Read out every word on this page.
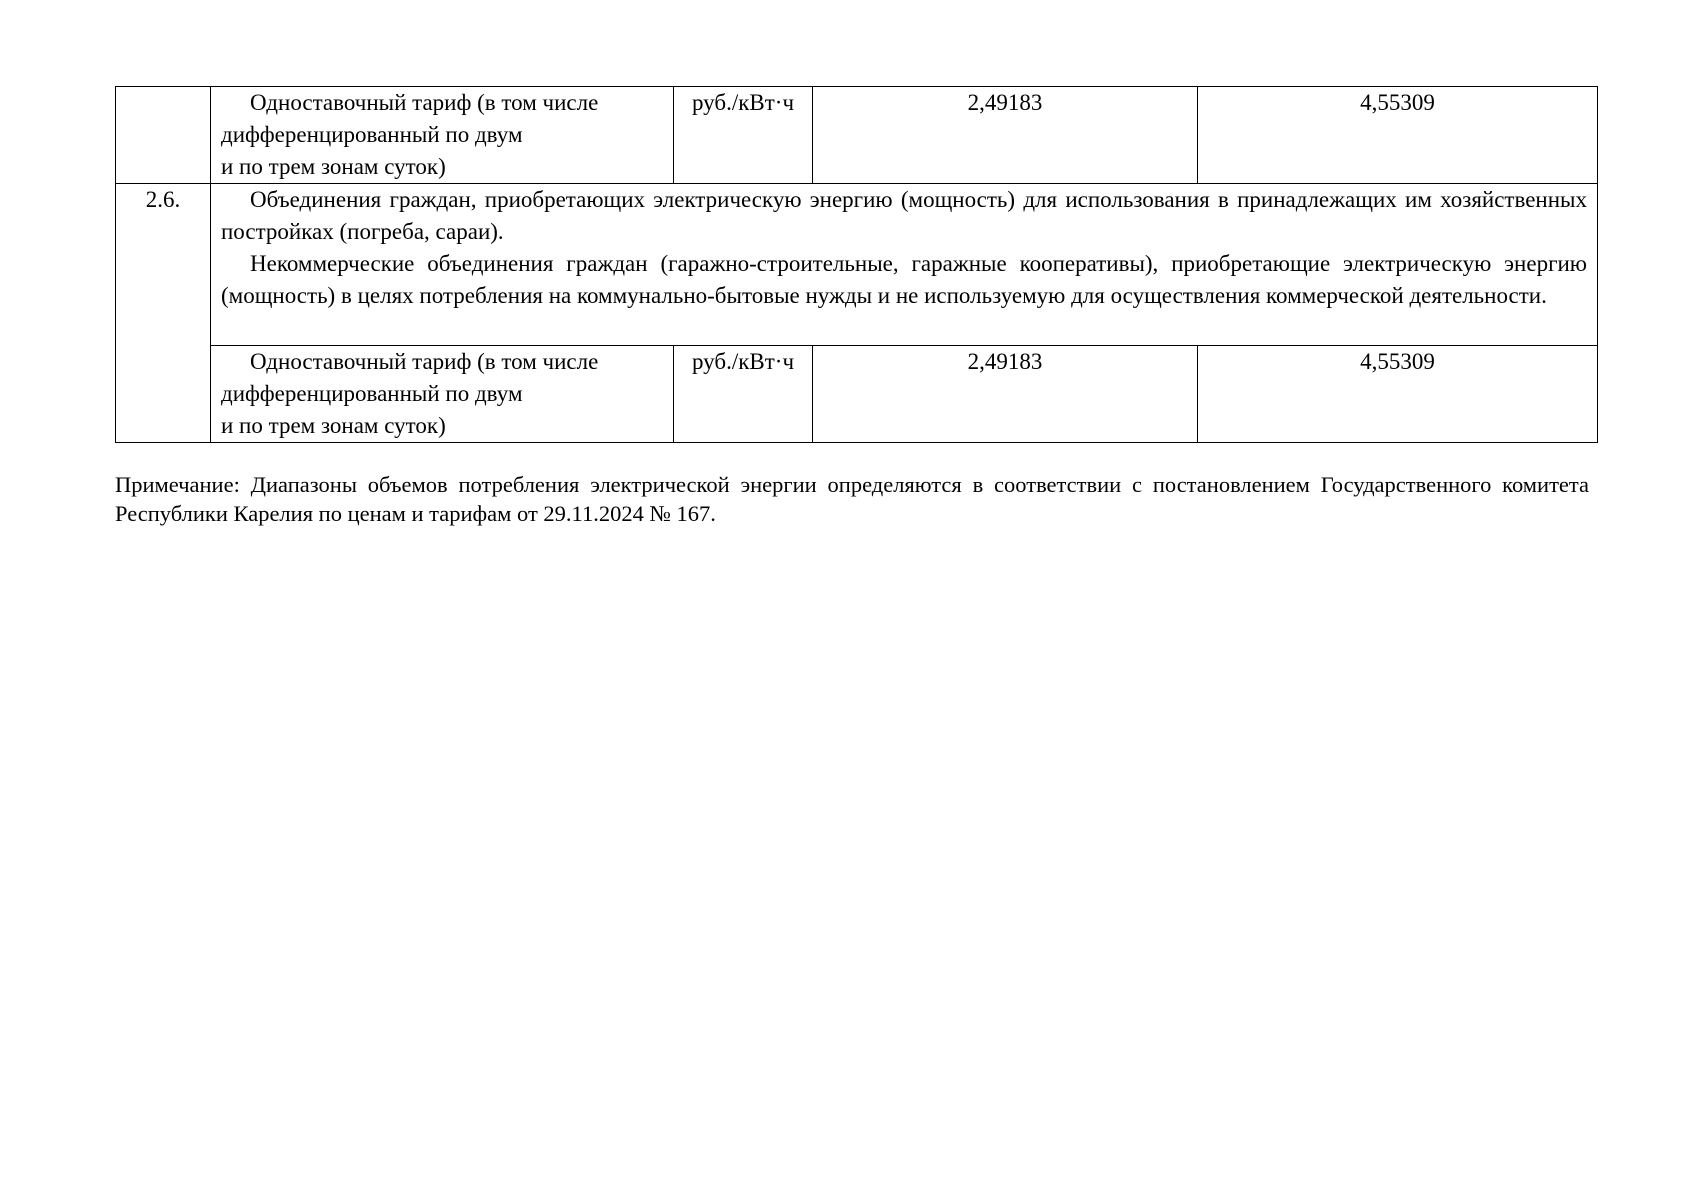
	Одноставочный тариф (в том числе
дифференцированный по двум
и по трем зонам суток)	руб./кВт·ч	2,49183	4,55309
2.6.	Объединения граждан, приобретающих электрическую энергию (мощность) для использования в принадлежащих им хозяйственных постройках (погреба, сараи).

Некоммерческие объединения граждан (гаражно-строительные, гаражные кооперативы), приобретающие электрическую энергию (мощность) в целях потребления на коммунально-бытовые нужды и не используемую для осуществления коммерческой деятельности.			

	Одноставочный тариф (в том числе
дифференцированный по двум
и по трем зонам суток)	руб./кВт·ч	2,49183	4,55309

Примечание: Диапазоны объемов потребления электрической энергии определяются в соответствии с постановлением Государственного комитета Республики Карелия по ценам и тарифам от 29.11.2024 № 167.
